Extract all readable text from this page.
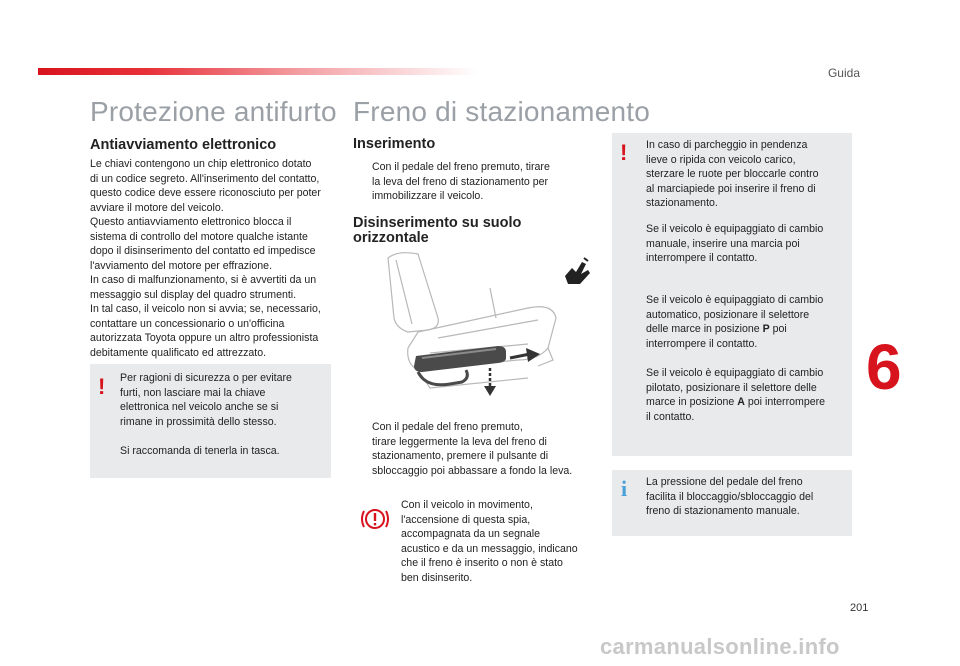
Guida
Protezione antifurto
Antiavviamento elettronico
Le chiavi contengono un chip elettronico dotato
di un codice segreto. All'inserimento del contatto,
questo codice deve essere riconosciuto per poter
avviare il motore del veicolo.
Questo antiavviamento elettronico blocca il
sistema di controllo del motore qualche istante
dopo il disinserimento del contatto ed impedisce
l'avviamento del motore per effrazione.
In caso di malfunzionamento, si è avvertiti da un
messaggio sul display del quadro strumenti.
In tal caso, il veicolo non si avvia; se, necessario,
contattare un concessionario o un'officina
autorizzata Toyota oppure un altro professionista
debitamente qualificato ed attrezzato.
! Per ragioni di sicurezza o per evitare
furti, non lasciare mai la chiave
elettronica nel veicolo anche se si
rimane in prossimità dello stesso.
Si raccomanda di tenerla in tasca.
Freno di stazionamento
Inserimento
Con il pedale del freno premuto, tirare
la leva del freno di stazionamento per
immobilizzare il veicolo.
Disinserimento su suolo
orizzontale
Con il pedale del freno premuto,
tirare leggermente la leva del freno di
stazionamento, premere il pulsante di
sbloccaggio poi abbassare a fondo la leva.
Con il veicolo in movimento,
l'accensione di questa spia,
accompagnata da un segnale
acustico e da un messaggio, indicano
che il freno è inserito o non è stato
ben disinserito.
! In caso di parcheggio in pendenza
lieve o ripida con veicolo carico,
sterzare le ruote per bloccarle contro
al marciapiede poi inserire il freno di
stazionamento.
Se il veicolo è equipaggiato di cambio
manuale, inserire una marcia poi
interrompere il contatto.
Se il veicolo è equipaggiato di cambio
automatico, posizionare il selettore
delle marce in posizione P poi
interrompere il contatto.
Se il veicolo è equipaggiato di cambio
pilotato, posizionare il selettore delle
marce in posizione A poi interrompere
il contatto.
i La pressione del pedale del freno
facilita il bloccaggio/sbloccaggio del
freno di stazionamento manuale.
6
201
carmanualsonline.info
